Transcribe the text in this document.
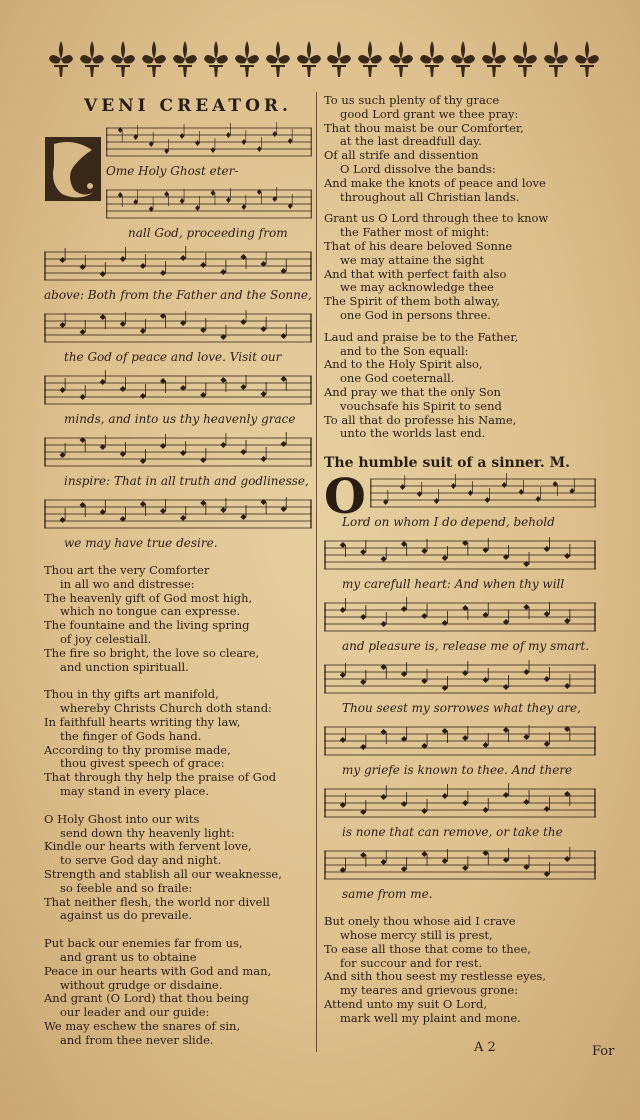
VENI CREATOR.
Ome Holy Ghost eter-
nall God, proceeding from
above: Both from the Father and the Sonne,
the God of peace and love. Visit our
minds, and into us thy heavenly grace
inspire: That in all truth and godlinesse,
we may have true desire.
Thou art the very Comforter
in all wo and distresse:
The heavenly gift of God most high,
which no tongue can expresse.
The fountaine and the living spring
of joy celestiall.
The fire so bright, the love so cleare,
and unction spirituall.
Thou in thy gifts art manifold,
whereby Christs Church doth stand:
In faithfull hearts writing thy law,
the finger of Gods hand.
According to thy promise made,
thou givest speech of grace:
That through thy help the praise of God
may stand in every place.
O Holy Ghost into our wits
send down thy heavenly light:
Kindle our hearts with fervent love,
to serve God day and night.
Strength and stablish all our weaknesse,
so feeble and so fraile:
That neither flesh, the world nor divell
against us do prevaile.
Put back our enemies far from us,
and grant us to obtaine
Peace in our hearts with God and man,
without grudge or disdaine.
And grant (O Lord) that thou being
our leader and our guide:
We may eschew the snares of sin,
and from thee never slide.
To us such plenty of thy grace
good Lord grant we thee pray:
That thou maist be our Comforter,
at the last dreadfull day.
Of all strife and dissention
O Lord dissolve the bands:
And make the knots of peace and love
throughout all Christian lands.
Grant us O Lord through thee to know
the Father most of might:
That of his deare beloved Sonne
we may attaine the sight
And that with perfect faith also
we may acknowledge thee
The Spirit of them both alway,
one God in persons three.
Laud and praise be to the Father,
and to the Son equall:
And to the Holy Spirit also,
one God coeternall.
And pray we that the only Son
vouchsafe his Spirit to send
To all that do professe his Name,
unto the worlds last end.
The humble suit of a sinner. M.
O
Lord on whom I do depend, behold
my carefull heart: And when thy will
and pleasure is, release me of my smart.
Thou seest my sorrowes what they are,
my griefe is known to thee. And there
is none that can remove, or take the
same from me.
But onely thou whose aid I crave
whose mercy still is prest,
To ease all those that come to thee,
for succour and for rest.
And sith thou seest my restlesse eyes,
my teares and grievous grone:
Attend unto my suit O Lord,
mark well my plaint and mone.
A 2	For
